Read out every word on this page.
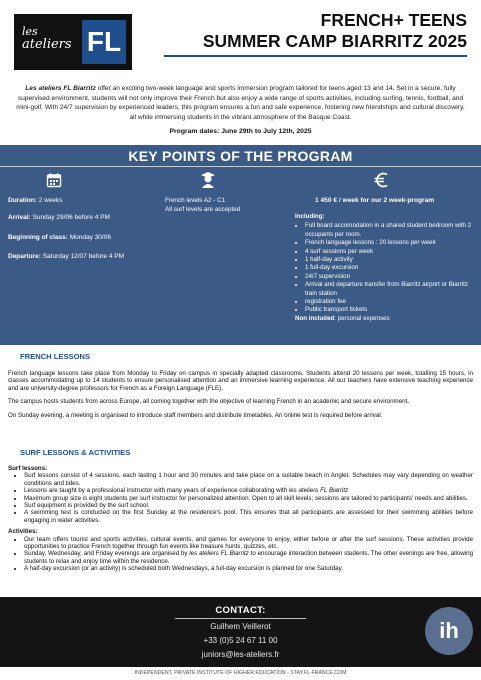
les
ateliers FL
FRENCH+ TEENS
SUMMER CAMP BIARRITZ 2025

Les ateliers FL Biarritz offer an exciting two-week language and sports immersion program tailored for teens aged 13 and 14. Set in a secure, fully supervised environment, students will not only improve their French but also enjoy a wide range of sports activities, including surfing, tennis, football, and mini-golf. With 24/7 supervision by experienced leaders, this program ensures a fun and safe experience, fostering new friendships and cultural discovery, all while immersing students in the vibrant atmosphere of the Basque Coast.

Program dates: June 29th to July 12th, 2025
KEY POINTS OF THE PROGRAM
French levels A2 - C1
All surf levels are accepted
1 450 € / week for our 2 week-program
Duration: 2 weeks
Arrival: Sunday 29/06 before 4 PM
Beginning of class: Monday 30/06
Departure: Saturday 12/07 before 4 PM
Including:
• Full board accomodation in a shared student bedroom with 2 occupants per room.
• French language lessons : 20 lessons per week
• 4 surf sessions per week
• 1 half-day activity
• 1 full-day excursion
• 24/7 supervision
• Arrival and departure transfer from Biarritz airport or Biarritz train station
• registration fee
• Public transport tickets
Non included: personal expenses
FRENCH LESSONS

French language lessons take place from Monday to Friday on campus in specially adapted classrooms. Students attend 20 lessons per week, totalling 15 hours, in classes accommodating up to 14 students to ensure personalised attention and an immersive learning experience. All our teachers have extensive teaching experience and are university-degree professors for French as a Foreign Language (FLE).

The campus hosts students from across Europe, all coming together with the objective of learning French in an academic and secure environment.

On Sunday evening, a meeting is organised to introduce staff members and distribute timetables. An online test is required before arrival.

SURF LESSONS & ACTIVITIES
Surf lessons:
• Surf lessons consist of 4 sessions, each lasting 1 hour and 30 minutes and take place on a suitable beach in Anglet. Schedules may vary depending on weather conditions and tides.
• Lessons are taught by a professional instructor with many years of experience collaborating with les ateliers FL Biarritz
• Maximum group size is eight students per surf instructor for personalized attention. Open to all skill levels; sessions are tailored to participants' needs and abilities.
• Surf equipment is provided by the surf school.
• A swimming test is conducted on the first Sunday at the residence's pool. This ensures that all participants are assessed for their swimming abilities before engaging in water activities.
Activities:
• Our team offers tourist and sports activities, cultural events, and games for everyone to enjoy, either before or after the surf sessions. These activities provide opportunities to practice French together through fun events like treasure hunts, quizzes, etc.
• Sunday, Wednesday, and Friday evenings are organised by les ateliers FL Biarritz to encourage interaction between students. The other evenings are free, allowing students to relax and enjoy time within the residence.
• A half-day excursion (or an activity) is scheduled both Wednesdays, a full-day excursion is planned for one Saturday.
CONTACT:
Guilhem Veillerot
+33 (0)5 24 67 11 00
juniors@les-ateliers.fr
ih
INDEPENDENT, PRIVATE INSTITUTE OF HIGHER EDUCATION - STAY.FL-FRANCE.COM
